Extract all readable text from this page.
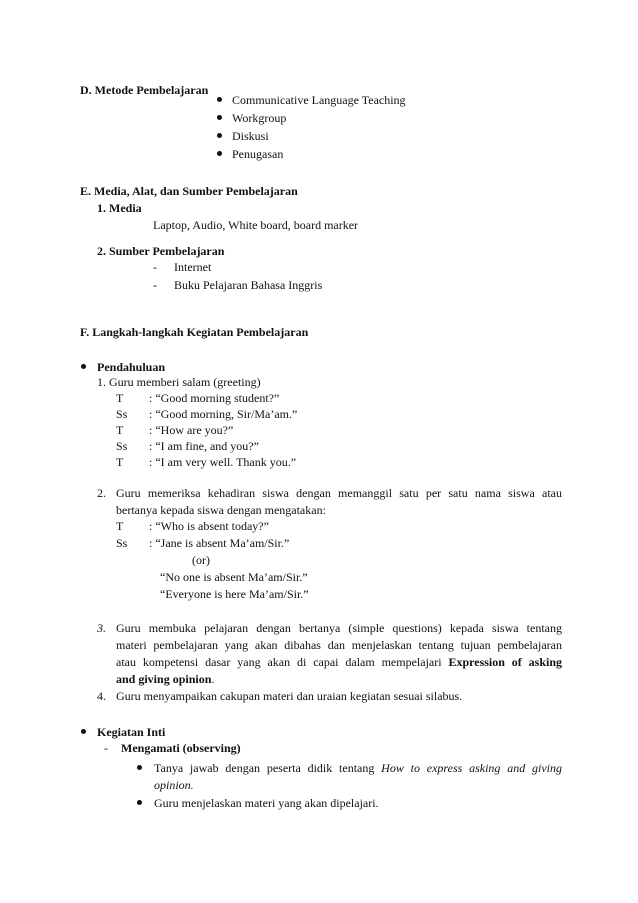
D. Metode Pembelajaran
Communicative Language Teaching
Workgroup
Diskusi
Penugasan
E. Media, Alat, dan Sumber Pembelajaran
1. Media
Laptop, Audio, White board, board marker
2. Sumber Pembelajaran
- Internet
- Buku Pelajaran Bahasa Inggris
F. Langkah-langkah Kegiatan Pembelajaran
Pendahuluan
1. Guru memberi salam (greeting)
T : “Good morning student?”
Ss : “Good morning, Sir/Ma’am.”
T : “How are you?”
Ss : “I am fine, and you?”
T : “I am very well. Thank you.”
2. Guru memeriksa kehadiran siswa dengan memanggil satu per satu nama siswa atau
bertanya kepada siswa dengan mengatakan:
T : “Who is absent today?”
Ss : “Jane is absent Ma’am/Sir.”
(or)
“No one is absent Ma’am/Sir.”
“Everyone is here Ma’am/Sir.”
3. Guru membuka pelajaran dengan bertanya (simple questions) kepada siswa tentang
materi pembelajaran yang akan dibahas dan menjelaskan tentang tujuan pembelajaran
atau kompetensi dasar yang akan di capai dalam mempelajari Expression of asking
and giving opinion.
4. Guru menyampaikan cakupan materi dan uraian kegiatan sesuai silabus.
Kegiatan Inti
- Mengamati (observing)
Tanya jawab dengan peserta didik tentang How to express asking and giving
opinion.
Guru menjelaskan materi yang akan dipelajari.
